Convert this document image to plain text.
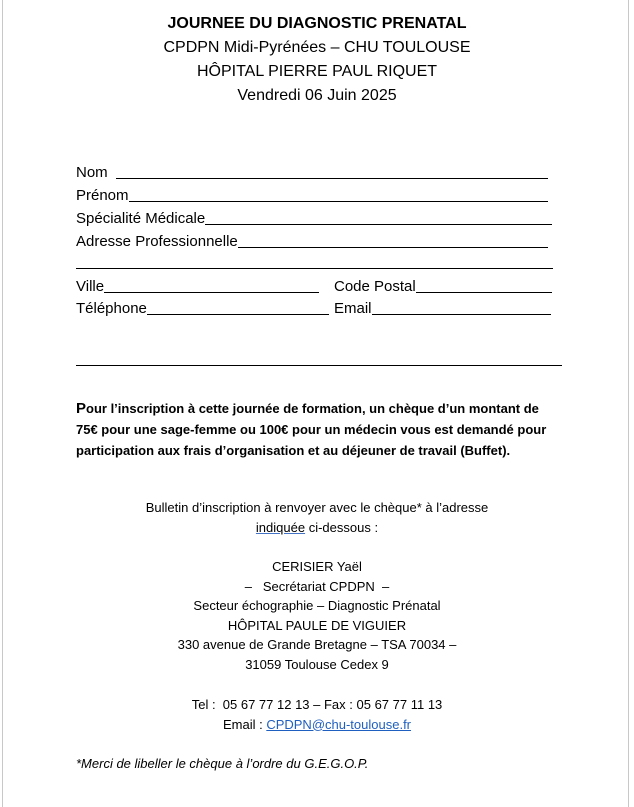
JOURNEE DU DIAGNOSTIC PRENATAL
CPDPN Midi-Pyrénées – CHU TOULOUSE
HÔPITAL PIERRE PAUL RIQUET
Vendredi 06 Juin 2025
Nom
Prénom
Spécialité Médicale
Adresse Professionnelle
Ville	Code Postal
Téléphone	Email
Pour l’inscription à cette journée de formation, un chèque d’un montant de 75€ pour une sage-femme ou 100€ pour un médecin vous est demandé pour participation aux frais d’organisation et au déjeuner de travail (Buffet).
Bulletin d’inscription à renvoyer avec le chèque* à l’adresse
indiquée ci-dessous :
CERISIER Yaël
–   Secrétariat CPDPN  –
Secteur échographie – Diagnostic Prénatal
HÔPITAL PAULE DE VIGUIER
330 avenue de Grande Bretagne – TSA 70034 –
31059 Toulouse Cedex 9
Tel :  05 67 77 12 13 – Fax : 05 67 77 11 13
Email : CPDPN@chu-toulouse.fr
*Merci de libeller le chèque à l’ordre du G.E.G.O.P.
